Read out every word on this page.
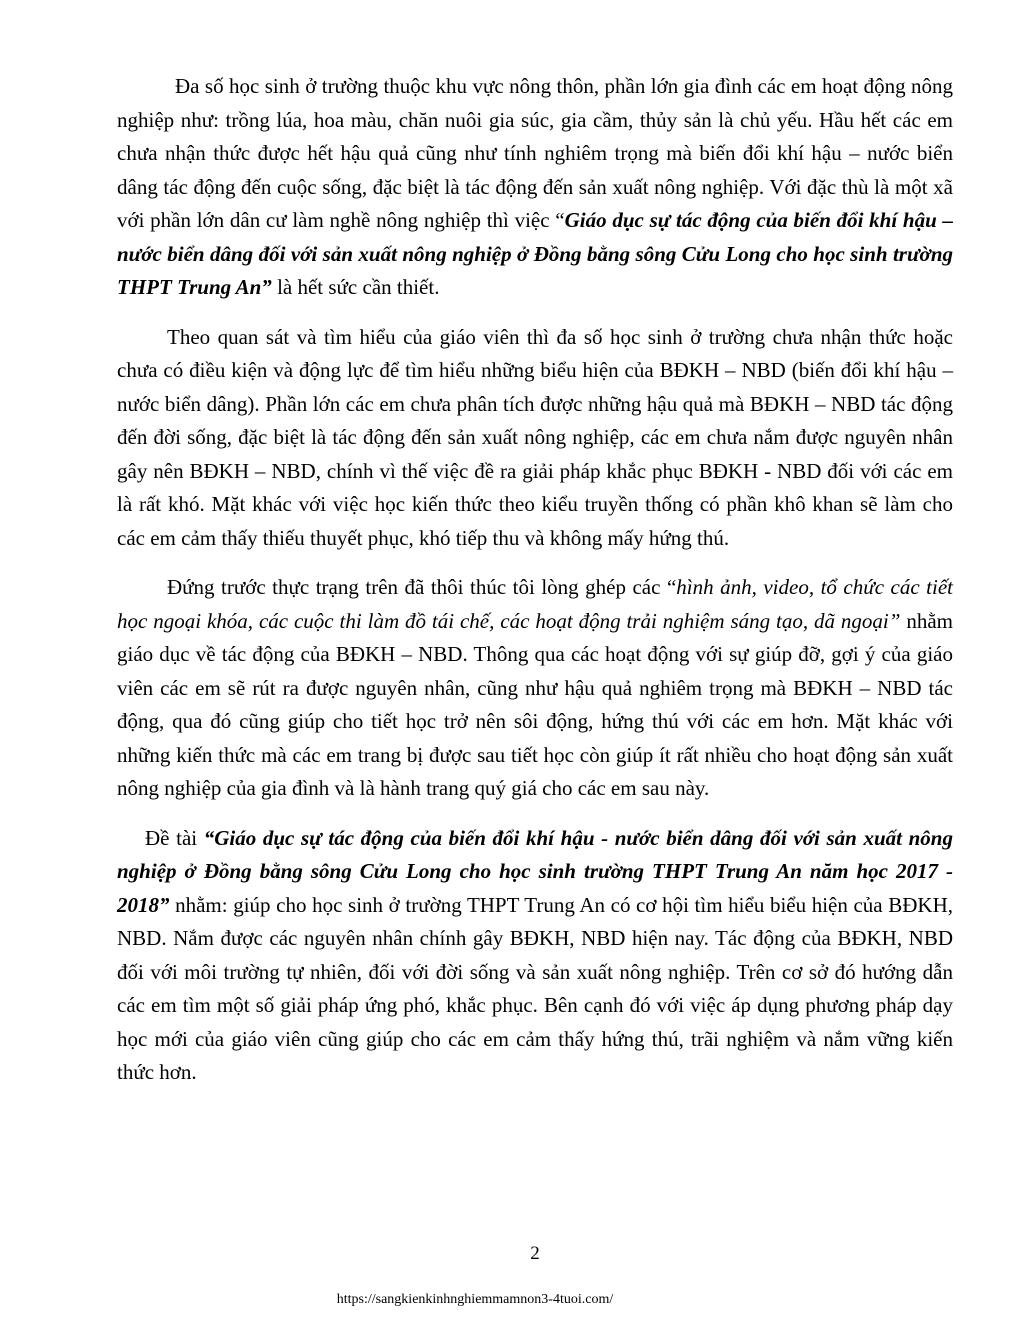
Đa số học sinh ở trường thuộc khu vực nông thôn, phần lớn gia đình các em hoạt động nông nghiệp như: trồng lúa, hoa màu, chăn nuôi gia súc, gia cầm, thủy sản là chủ yếu. Hầu hết các em chưa nhận thức được hết hậu quả cũng như tính nghiêm trọng mà biến đổi khí hậu – nước biển dâng tác động đến cuộc sống, đặc biệt là tác động đến sản xuất nông nghiệp. Với đặc thù là một xã với phần lớn dân cư làm nghề nông nghiệp thì việc “Giáo dục sự tác động của biến đổi khí hậu – nước biển dâng đối với sản xuất nông nghiệp ở Đồng bằng sông Cửu Long cho học sinh trường THPT Trung An” là hết sức cần thiết.

Theo quan sát và tìm hiểu của giáo viên thì đa số học sinh ở trường chưa nhận thức hoặc chưa có điều kiện và động lực để tìm hiểu những biểu hiện của BĐKH – NBD (biến đổi khí hậu – nước biển dâng). Phần lớn các em chưa phân tích được những hậu quả mà BĐKH – NBD tác động đến đời sống, đặc biệt là tác động đến sản xuất nông nghiệp, các em chưa nắm được nguyên nhân gây nên BĐKH – NBD, chính vì thế việc đề ra giải pháp khắc phục BĐKH - NBD đối với các em là rất khó. Mặt khác với việc học kiến thức theo kiểu truyền thống có phần khô khan sẽ làm cho các em cảm thấy thiếu thuyết phục, khó tiếp thu và không mấy hứng thú.

Đứng trước thực trạng trên đã thôi thúc tôi lòng ghép các “hình ảnh, video, tổ chức các tiết học ngoại khóa, các cuộc thi làm đồ tái chế, các hoạt động trải nghiệm sáng tạo, dã ngoại” nhằm giáo dục về tác động của BĐKH – NBD. Thông qua các hoạt động với sự giúp đỡ, gợi ý của giáo viên các em sẽ rút ra được nguyên nhân, cũng như hậu quả nghiêm trọng mà BĐKH – NBD tác động, qua đó cũng giúp cho tiết học trở nên sôi động, hứng thú với các em hơn. Mặt khác với những kiến thức mà các em trang bị được sau tiết học còn giúp ít rất nhiều cho hoạt động sản xuất nông nghiệp của gia đình và là hành trang quý giá cho các em sau này.

Đề tài “Giáo dục sự tác động của biến đổi khí hậu - nước biển dâng đối với sản xuất nông nghiệp ở Đồng bằng sông Cửu Long cho học sinh trường THPT Trung An năm học 2017 - 2018” nhằm: giúp cho học sinh ở trường THPT Trung An có cơ hội tìm hiểu biểu hiện của BĐKH, NBD. Nắm được các nguyên nhân chính gây BĐKH, NBD hiện nay. Tác động của BĐKH, NBD đối với môi trường tự nhiên, đối với đời sống và sản xuất nông nghiệp. Trên cơ sở đó hướng dẫn các em tìm một số giải pháp ứng phó, khắc phục. Bên cạnh đó với việc áp dụng phương pháp dạy học mới của giáo viên cũng giúp cho các em cảm thấy hứng thú, trãi nghiệm và nắm vững kiến thức hơn.

2
https://sangkienkinhnghiemmamnon3-4tuoi.com/
